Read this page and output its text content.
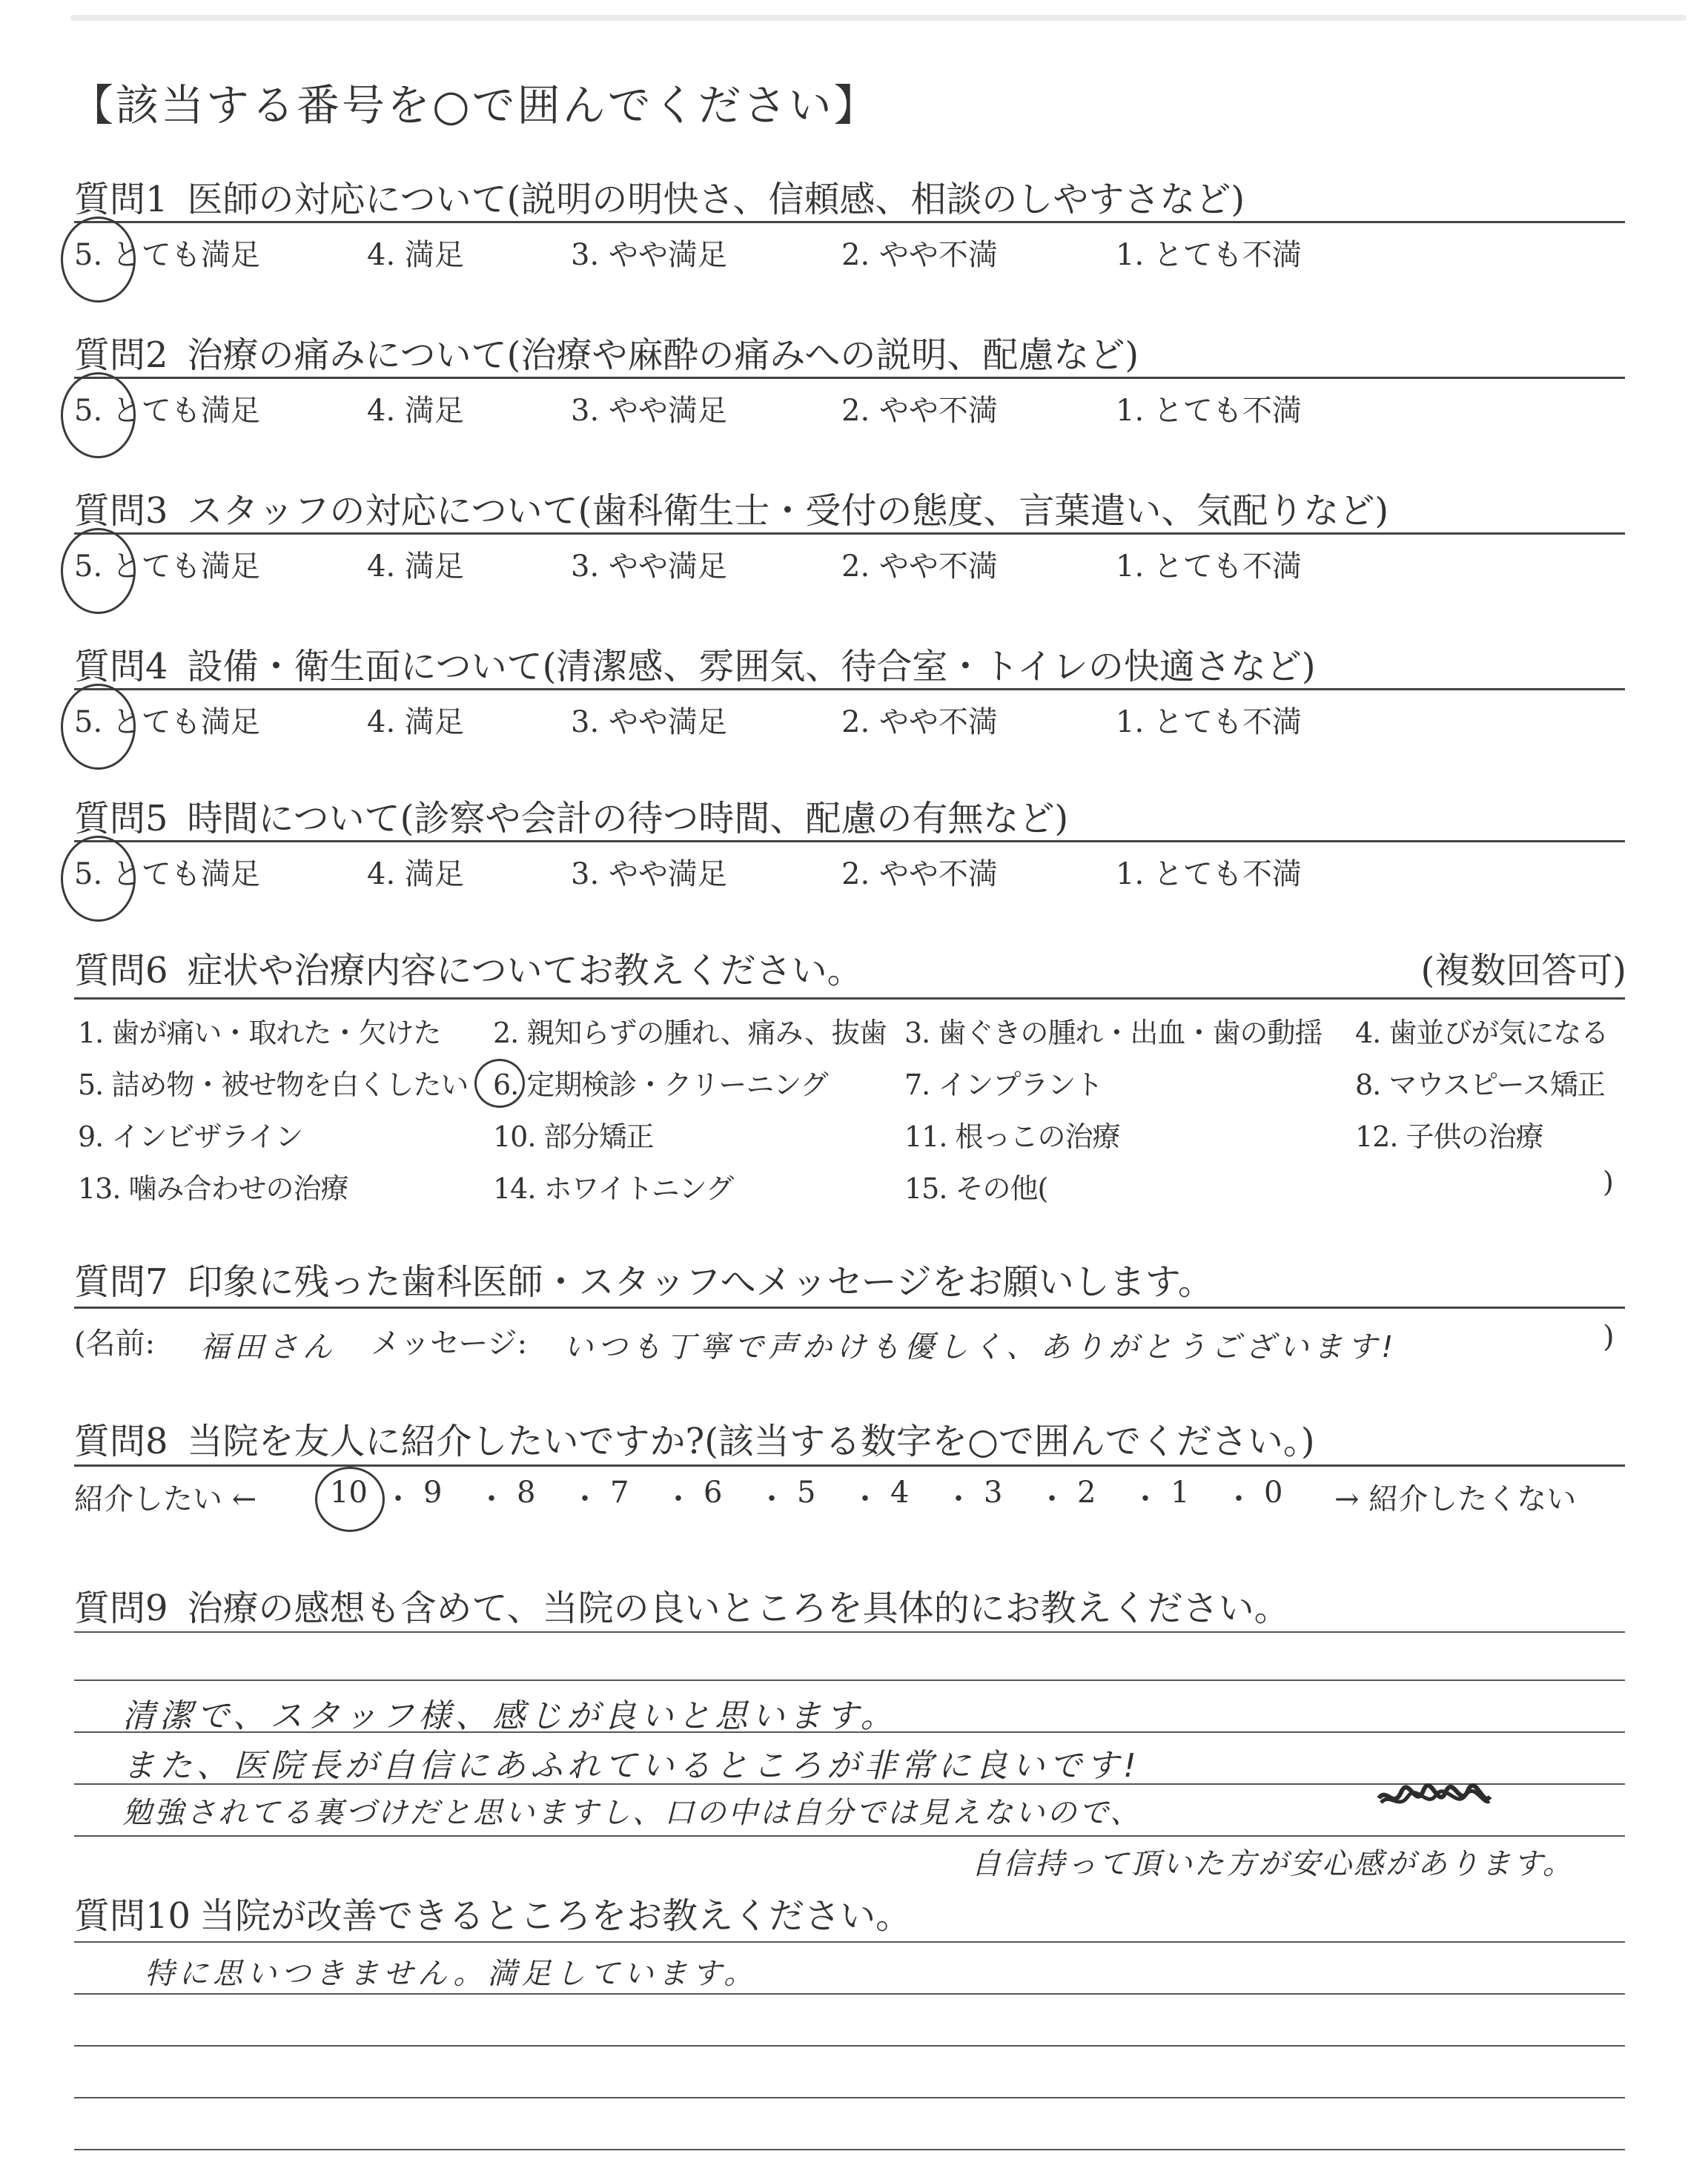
【該当する番号を○で囲んでください】
質問1 医師の対応について(説明の明快さ、信頼感、相談のしやすさなど)
5. とても満足	4. 満足	3. やや満足	2. やや不満	1. とても不満
質問2 治療の痛みについて(治療や麻酔の痛みへの説明、配慮など)
5. とても満足	4. 満足	3. やや満足	2. やや不満	1. とても不満
質問3 スタッフの対応について(歯科衛生士・受付の態度、言葉遣い、気配りなど)
5. とても満足	4. 満足	3. やや満足	2. やや不満	1. とても不満
質問4 設備・衛生面について(清潔感、雰囲気、待合室・トイレの快適さなど)
5. とても満足	4. 満足	3. やや満足	2. やや不満	1. とても不満
質問5 時間について(診察や会計の待つ時間、配慮の有無など)
5. とても満足	4. 満足	3. やや満足	2. やや不満	1. とても不満
質問6 症状や治療内容についてお教えください。	(複数回答可)
1. 歯が痛い・取れた・欠けた 2. 親知らずの腫れ、痛み、抜歯 3. 歯ぐきの腫れ・出血・歯の動揺 4. 歯並びが気になる
5. 詰め物・被せ物を白くしたい 6. 定期検診・クリーニング	7. インプラント	8. マウスピース矯正
9. インビザライン	10. 部分矯正	11. 根っこの治療	12. 子供の治療
13. 噛み合わせの治療	14. ホワイトニング	15. その他(	)
質問7 印象に残った歯科医師・スタッフへメッセージをお願いします。
(名前: 福田さん メッセージ: いつも丁寧で声かけも優しく、ありがとうございます!	)
質問8 当院を友人に紹介したいですか?(該当する数字を○で囲んでください。)
紹介したい ← 10 ・ 9 ・ 8 ・ 7 ・ 6 ・ 5 ・ 4 ・ 3 ・ 2 ・ 1 ・ 0 → 紹介したくない
質問9 治療の感想も含めて、当院の良いところを具体的にお教えください。
清潔で、スタッフ様、感じが良いと思います。
また、医院長が自信にあふれているところが非常に良いです!
勉強されてる裏づけだと思いますし、口の中は自分では見えないので、
自信持って頂いた方が安心感があります。
質問10 当院が改善できるところをお教えください。
特に思いつきません。満足しています。
